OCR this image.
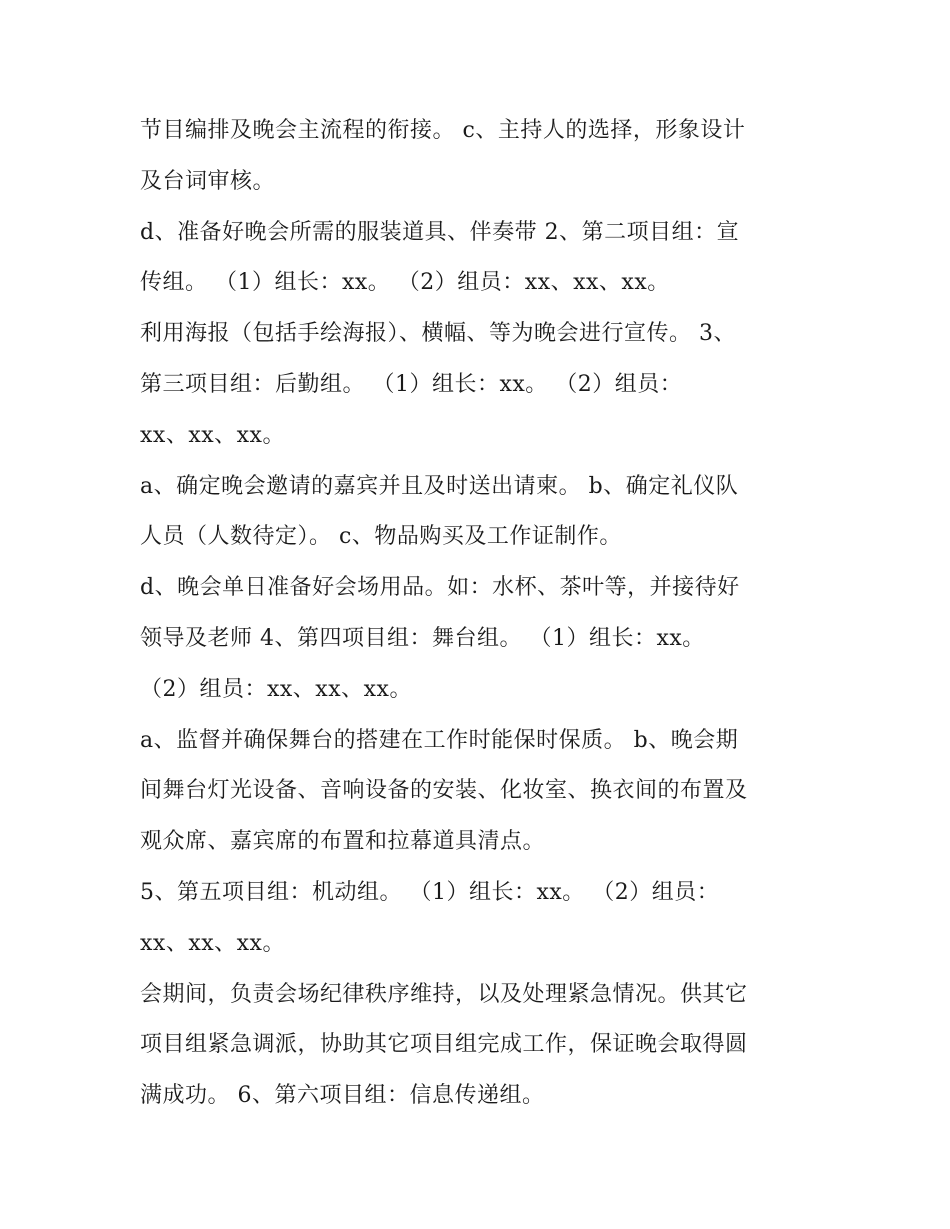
节目编排及晚会主流程的衔接。 c、主持人的选择，形象设计
及台词审核。
d、准备好晚会所需的服装道具、伴奏带 2、第二项目组：宣
传组。 （1）组长：xx。 （2）组员：xx、xx、xx。
利用海报（包括手绘海报）、横幅、等为晚会进行宣传。 3、
第三项目组：后勤组。 （1）组长：xx。 （2）组员：
xx、xx、xx。
a、确定晚会邀请的嘉宾并且及时送出请柬。 b、确定礼仪队
人员（人数待定）。 c、物品购买及工作证制作。
d、晚会单日准备好会场用品。如：水杯、茶叶等，并接待好
领导及老师 4、第四项目组：舞台组。 （1）组长：xx。
（2）组员：xx、xx、xx。
a、监督并确保舞台的搭建在工作时能保时保质。 b、晚会期
间舞台灯光设备、音响设备的安装、化妆室、换衣间的布置及
观众席、嘉宾席的布置和拉幕道具清点。
5、第五项目组：机动组。 （1）组长：xx。 （2）组员：
xx、xx、xx。
会期间，负责会场纪律秩序维持，以及处理紧急情况。供其它
项目组紧急调派，协助其它项目组完成工作，保证晚会取得圆
满成功。 6、第六项目组：信息传递组。
